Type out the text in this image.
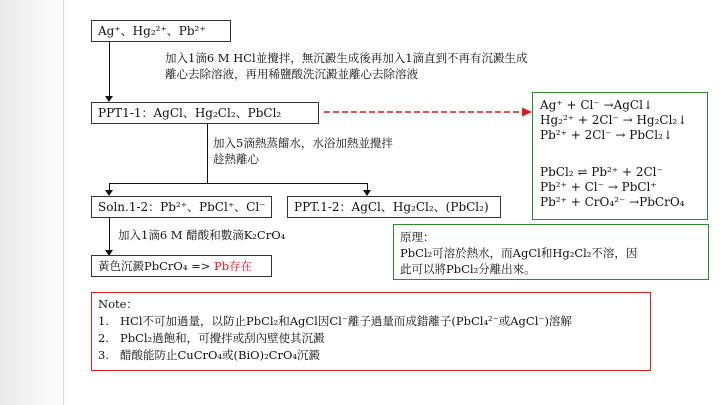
Ag⁺、Hg₂²⁺、Pb²⁺
加入1滴6 M HCl並攪拌，無沉澱生成後再加入1滴直到不再有沉澱生成
離心去除溶液，再用稀鹽酸洗沉澱並離心去除溶液
PPT1-1：AgCl、Hg₂Cl₂、PbCl₂
加入5滴熱蒸餾水，水浴加熱並攪拌
趁熱離心
Soln.1-2：Pb²⁺、PbCl⁺、Cl⁻	PPT.1-2：AgCl、Hg₂Cl₂、(PbCl₂)
加入1滴6 M 醋酸和數滴K₂CrO₄
黃色沉澱PbCrO₄ => Pb存在
Ag⁺ + Cl⁻ →AgCl↓
Hg₂²⁺ + 2Cl⁻ → Hg₂Cl₂↓
Pb²⁺ + 2Cl⁻ → PbCl₂↓
PbCl₂ ⇌ Pb²⁺ + 2Cl⁻
Pb²⁺ + Cl⁻ → PbCl⁺
Pb²⁺ + CrO₄²⁻ →PbCrO₄
原理：
PbCl₂可溶於熱水，而AgCl和Hg₂Cl₂不溶，因
此可以將PbCl₂分離出來。
Note：
1. HCl不可加過量，以防止PbCl₂和AgCl因Cl⁻離子過量而成錯離子(PbCl₄²⁻或AgCl⁻)溶解
2. PbCl₂過飽和，可攪拌或刮內壁使其沉澱
3. 醋酸能防止CuCrO₄或(BiO)₂CrO₄沉澱
